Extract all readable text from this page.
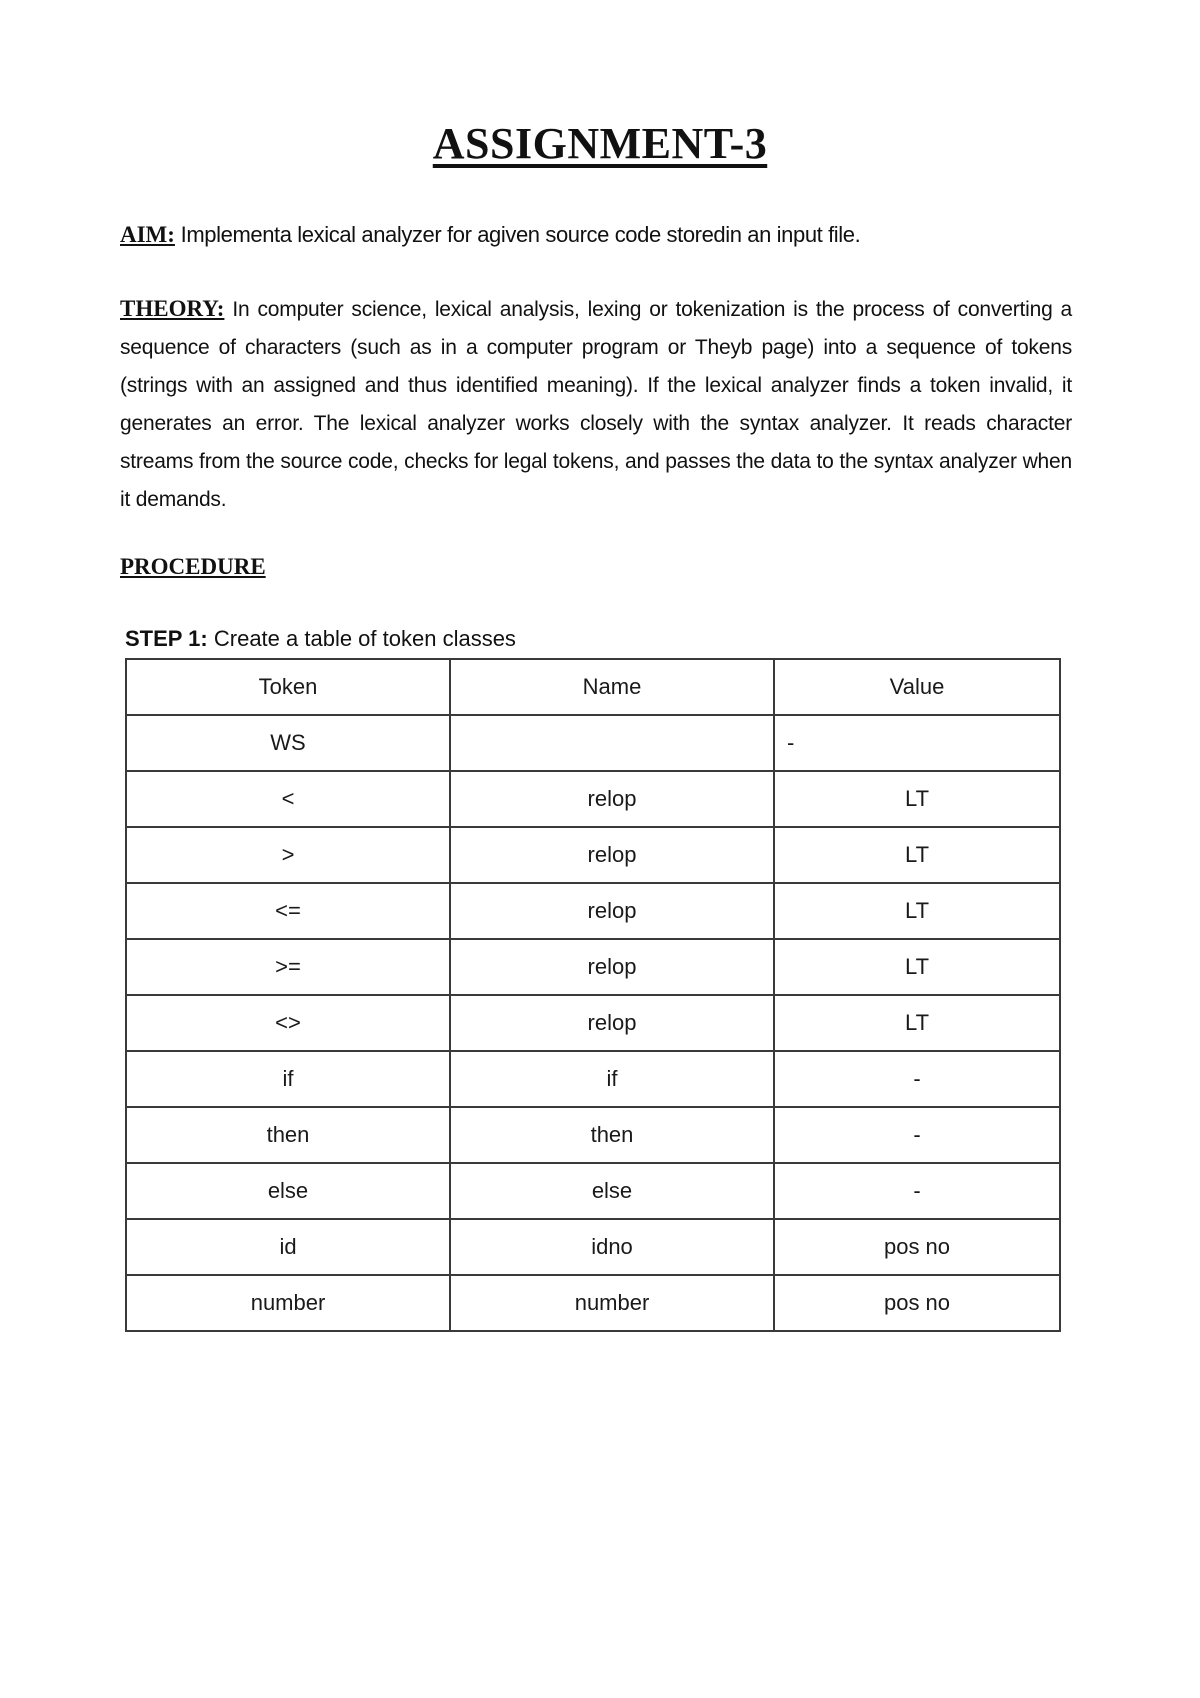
ASSIGNMENT-3

AIM: Implementa lexical analyzer for agiven source code storedin an input file.

THEORY: In computer science, lexical analysis, lexing or tokenization is the process of converting a sequence of characters (such as in a computer program or Theyb page) into a sequence of tokens (strings with an assigned and thus identified meaning). If the lexical analyzer finds a token invalid, it generates an error. The lexical analyzer works closely with the syntax analyzer. It reads character streams from the source code, checks for legal tokens, and passes the data to the syntax analyzer when it demands.

PROCEDURE

STEP 1: Create a table of token classes

Token	Name	Value
WS		-
<	relop	LT
>	relop	LT
<=	relop	LT
>=	relop	LT
<>	relop	LT
if	if	-
then	then	-
else	else	-
id	idno	pos no
number	number	pos no
